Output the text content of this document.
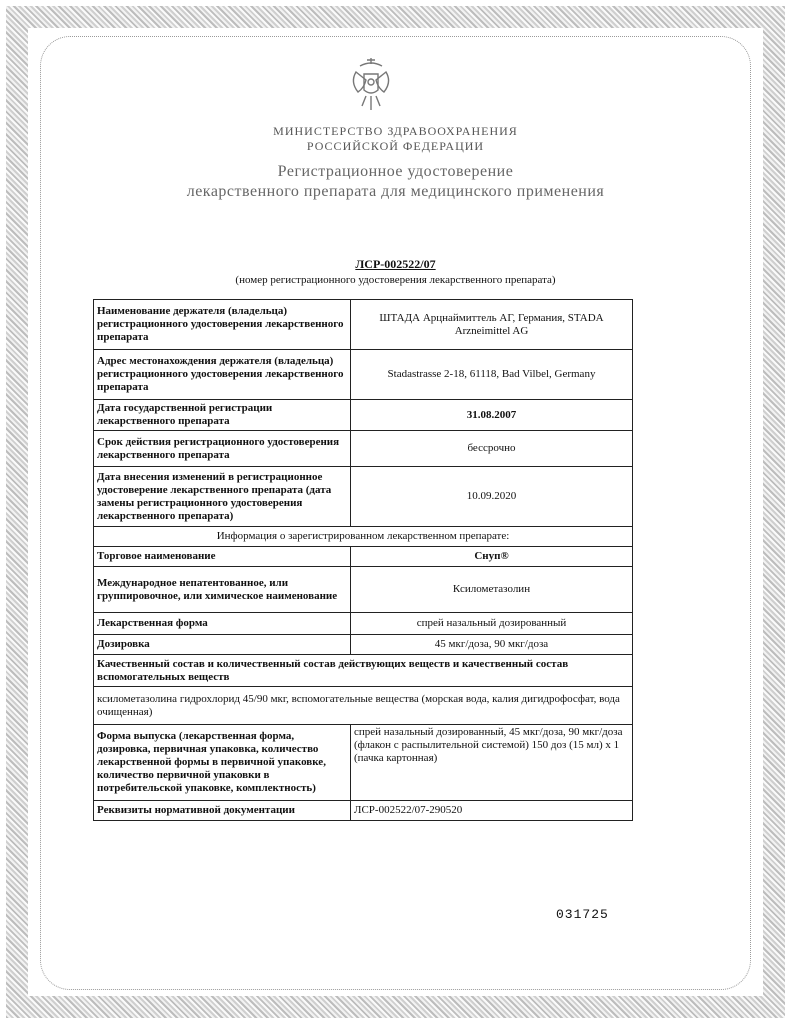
МИНИСТЕРСТВО ЗДРАВООХРАНЕНИЯ
РОССИЙСКОЙ ФЕДЕРАЦИИ
Регистрационное удостоверение
лекарственного препарата для медицинского применения
ЛСР-002522/07
(номер регистрационного удостоверения лекарственного препарата)
Наименование держателя (владельца) регистрационного удостоверения лекарственного препарата	ШТАДА Арцнаймиттель АГ, Германия, STADA Arzneimittel AG
Адрес местонахождения держателя (владельца) регистрационного удостоверения лекарственного препарата	Stadastrasse 2-18, 61118, Bad Vilbel, Germany
Дата государственной регистрации лекарственного препарата	31.08.2007
Срок действия регистрационного удостоверения лекарственного препарата	бессрочно
Дата внесения изменений в регистрационное удостоверение лекарственного препарата (дата замены регистрационного удостоверения лекарственного препарата)	10.09.2020
Информация о зарегистрированном лекарственном препарате:	
Торговое наименование	Снуп®
Международное непатентованное, или группировочное, или химическое наименование	Ксилометазолин
Лекарственная форма	спрей назальный дозированный
Дозировка	45 мкг/доза, 90 мкг/доза
Качественный состав и количественный состав действующих веществ и качественный состав вспомогательных веществ	
ксилометазолина гидрохлорид 45/90 мкг, вспомогательные вещества (морская вода, калия дигидрофосфат, вода очищенная)	
Форма выпуска (лекарственная форма, дозировка, первичная упаковка, количество лекарственной формы в первичной упаковке, количество первичной упаковки в потребительской упаковке, комплектность)	спрей назальный дозированный, 45 мкг/доза, 90 мкг/доза (флакон с распылительной системой) 150 доз (15 мл) х 1 (пачка картонная)
Реквизиты нормативной документации	ЛСР-002522/07-290520
031725
